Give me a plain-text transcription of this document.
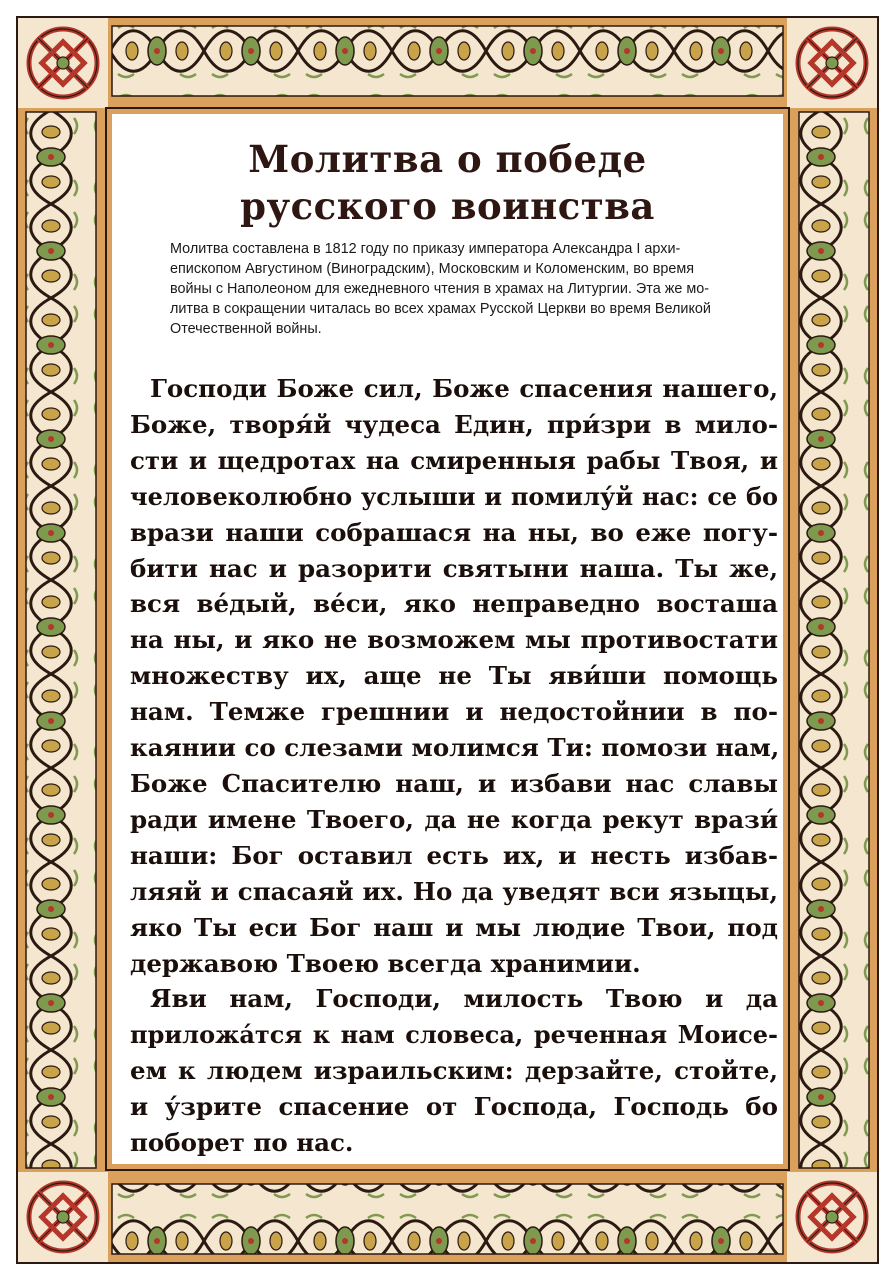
Молитва о победе
русского воинства
Молитва составлена в 1812 году по приказу императора Александра I архи-
епископом Августином (Виноградским), Московским и Коломенским, во время
войны с Наполеоном для ежедневного чтения в храмах на Литургии. Эта же мо-
литва в сокращении читалась во всех храмах Русской Церкви во время Великой
Отечественной войны.
Господи Боже сил, Боже спасения нашего,
Боже, творя́й чудеса Един, при́зри в мило-
сти и щедротах на смиренныя рабы Твоя, и
человеколюбно услыши и помилу́й нас: се бо
врази наши собрашася на ны, во еже погу-
бити нас и разорити святыни наша. Ты же,
вся ве́дый, ве́си, яко неправедно восташа
на ны, и яко не возможем мы противостати
множеству их, аще не Ты яви́ши помощь
нам. Темже грешнии и недостойнии в по-
каянии со слезами молимся Ти: помози нам,
Боже Спасителю наш, и избави нас славы
ради имене Твоего, да не когда рекут врази́
наши: Бог оставил есть их, и несть избав-
ляяй и спасаяй их. Но да уведят вси языцы,
яко Ты еси Бог наш и мы людие Твои, под
державою Твоею всегда хранимии.
Яви нам, Господи, милость Твою и да
приложа́тся к нам словеса, реченная Моисе-
ем к людем израильским: дерзайте, стойте,
и у́зрите спасение от Господа, Господь бо
поборет по нас.
